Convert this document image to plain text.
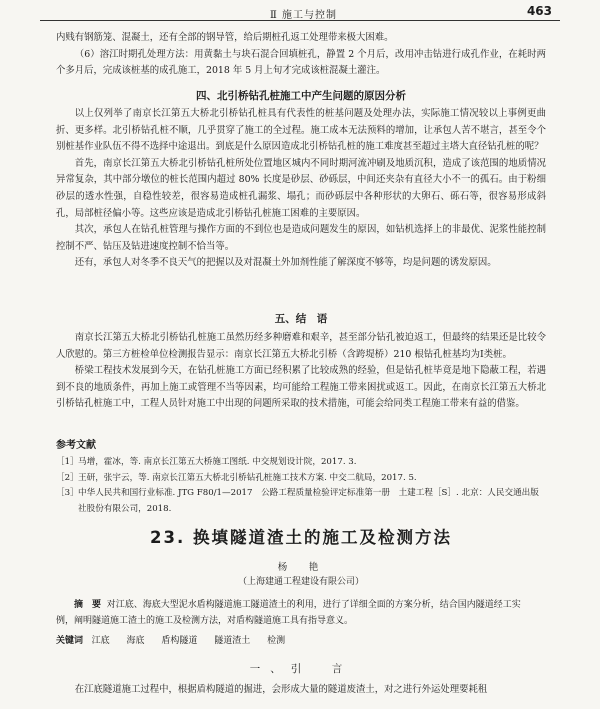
Ⅱ 施工与控制	463

内贱有钢筋笼、混凝土，还有全部的钢导管，给后期桩孔返工处理带来极大困难。

（6）溶江时期孔处理方法：用黄黏土与块石混合回填桩孔，静置 2 个月后，改用冲击钻进行成孔作业，在耗时两个多月后，完成该桩基的成孔施工，2018 年 5 月上旬才完成该桩混凝土灌注。

四、北引桥钻孔桩施工中产生问题的原因分析

以上仅列举了南京长江第五大桥北引桥钻孔桩具有代表性的桩基问题及处理办法，实际施工情况较以上事例更曲折、更多样。北引桥钻孔桩不顺，几乎贯穿了施工的全过程。施工成本无法预料的增加，让承包人苦不堪言，甚至令个别桩基作业队伍不得不选择中途退出。到底是什么原因造成北引桥钻孔桩的施工难度甚至超过主塔大直径钻孔桩的呢？

首先，南京长江第五大桥北引桥钻孔桩所处位置地区城内不同时期河流冲刷及地质沉积，造成了该范围的地质情况异常复杂，其中部分墩位的桩长范围内超过 80% 长度是砂层、砂砾层，中间还夹杂有直径大小不一的孤石。由于粉细砂层的透水性强，自稳性较差，很容易造成桩孔漏浆、塌孔；而砂砾层中各种形状的大卵石、砾石等，很容易形成斜孔，局部桩径偏小等。这些应该是造成北引桥钻孔桩施工困难的主要原因。

其次，承包人在钻孔桩管理与操作方面的不到位也是造成问题发生的原因，如钻机选择上的非最优、泥浆性能控制控制不严、钻压及钻进速度控制不恰当等。

还有，承包人对冬季不良天气的把握以及对混凝土外加剂性能了解深度不够等，均是问题的诱发原因。

五、结　语

南京长江第五大桥北引桥钻孔桩施工虽然历经多种磨难和艰辛，甚至部分钻孔被迫返工，但最终的结果还是比较令人欣慰的。第三方桩检单位检测报告显示：南京长江第五大桥北引桥（含跨堤桥）210 根钻孔桩基均为Ⅰ类桩。

桥梁工程技术发展到今天，在钻孔桩施工方面已经积累了比较成熟的经验，但是钻孔桩毕竟是地下隐蔽工程，若遇到不良的地质条件，再加上施工或管理不当等因素，均可能给工程施工带来困扰或返工。因此，在南京长江第五大桥北引桥钻孔桩施工中，工程人员针对施工中出现的问题所采取的技术措施，可能会给同类工程施工带来有益的借鉴。

参考文献
［1］ 马增，霍冰，等. 南京长江第五大桥施工图纸. 中交规划设计院，2017. 3.
［2］ 王研，张宇云，等. 南京长江第五大桥北引桥钻孔桩施工技术方案. 中交二航局，2017. 5.
［3］ 中华人民共和国行业标准. JTG F80/1—2017　公路工程质量检验评定标准第一册　土建工程［S］. 北京：人民交通出版社股份有限公司，2018.
23. 换填隧道渣土的施工及检测方法
杨　艳
（上海建通工程建设有限公司）
摘　要 对江底、海底大型泥水盾构隧道施工隧道渣土的利用，进行了详细全面的方案分析，结合国内隧道经工实例，阐明隧道施工渣土的施工及检测方法，对盾构隧道施工具有指导意义。
关键词 江底 海底 盾构隧道 隧道渣土 检测
一、引　言
在江底隧道施工过程中，根据盾构隧道的掘进，会形成大量的隧道废渣土，对之进行外运处理要耗租
